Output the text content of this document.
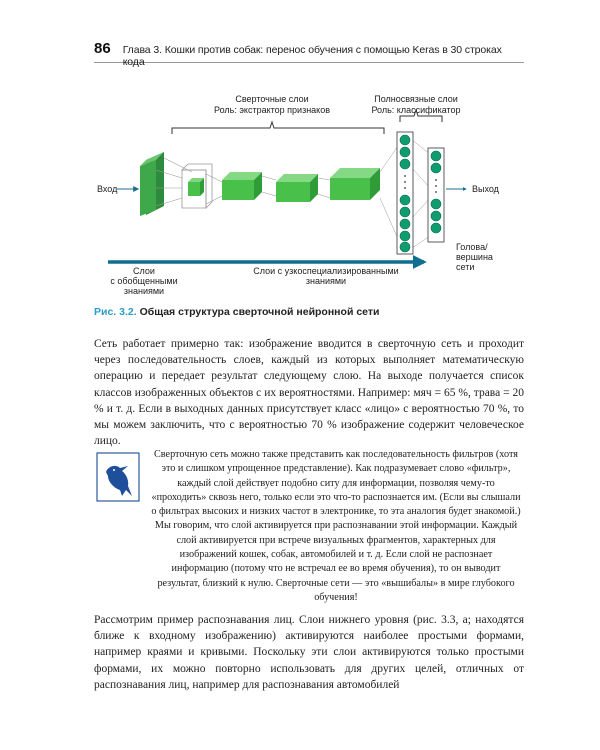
86 Глава 3. Кошки против собак: перенос обучения с помощью Keras в 30 строках кода
Сверточные слои
Роль: экстрактор признаков
Полносвязные слои
Роль: классификатор
Вход	Выход
Голова/
вершина
сети
Слои
с обобщенными
знаниями
Слои с узкоспециализированными
знаниями
Рис. 3.2. Общая структура сверточной нейронной сети
Сеть работает примерно так: изображение вводится в сверточную сеть и проходит через последовательность слоев, каждый из которых выполняет математическую операцию и передает результат следующему слою. На выходе получается список классов изображенных объектов с их вероятностями. Например: мяч = 65 %, трава = 20 % и т. д. Если в выходных данных присутствует класс «лицо» с вероятностью 70 %, то мы можем заключить, что с вероятностью 70 % изображение содержит человеческое лицо.
Сверточную сеть можно также представить как последовательность фильтров (хотя это и слишком упрощенное представление). Как подразумевает слово «фильтр», каждый слой действует подобно ситу для информации, позволяя чему-то «проходить» сквозь него, только если это что-то распознается им. (Если вы слышали о фильтрах высоких и низких частот в электронике, то эта аналогия будет знакомой.) Мы говорим, что слой активируется при распознавании этой информации. Каждый слой активируется при встрече визуальных фрагментов, характерных для изображений кошек, собак, автомобилей и т. д. Если слой не распознает информацию (потому что не встречал ее во время обучения), то он выводит результат, близкий к нулю. Сверточные сети — это «вышибалы» в мире глубокого обучения!
Рассмотрим пример распознавания лиц. Слои нижнего уровня (рис. 3.3, а; находятся ближе к входному изображению) активируются наиболее простыми формами, например краями и кривыми. Поскольку эти слои активируются только простыми формами, их можно повторно использовать для других целей, отличных от распознавания лиц, например для распознавания автомобилей
